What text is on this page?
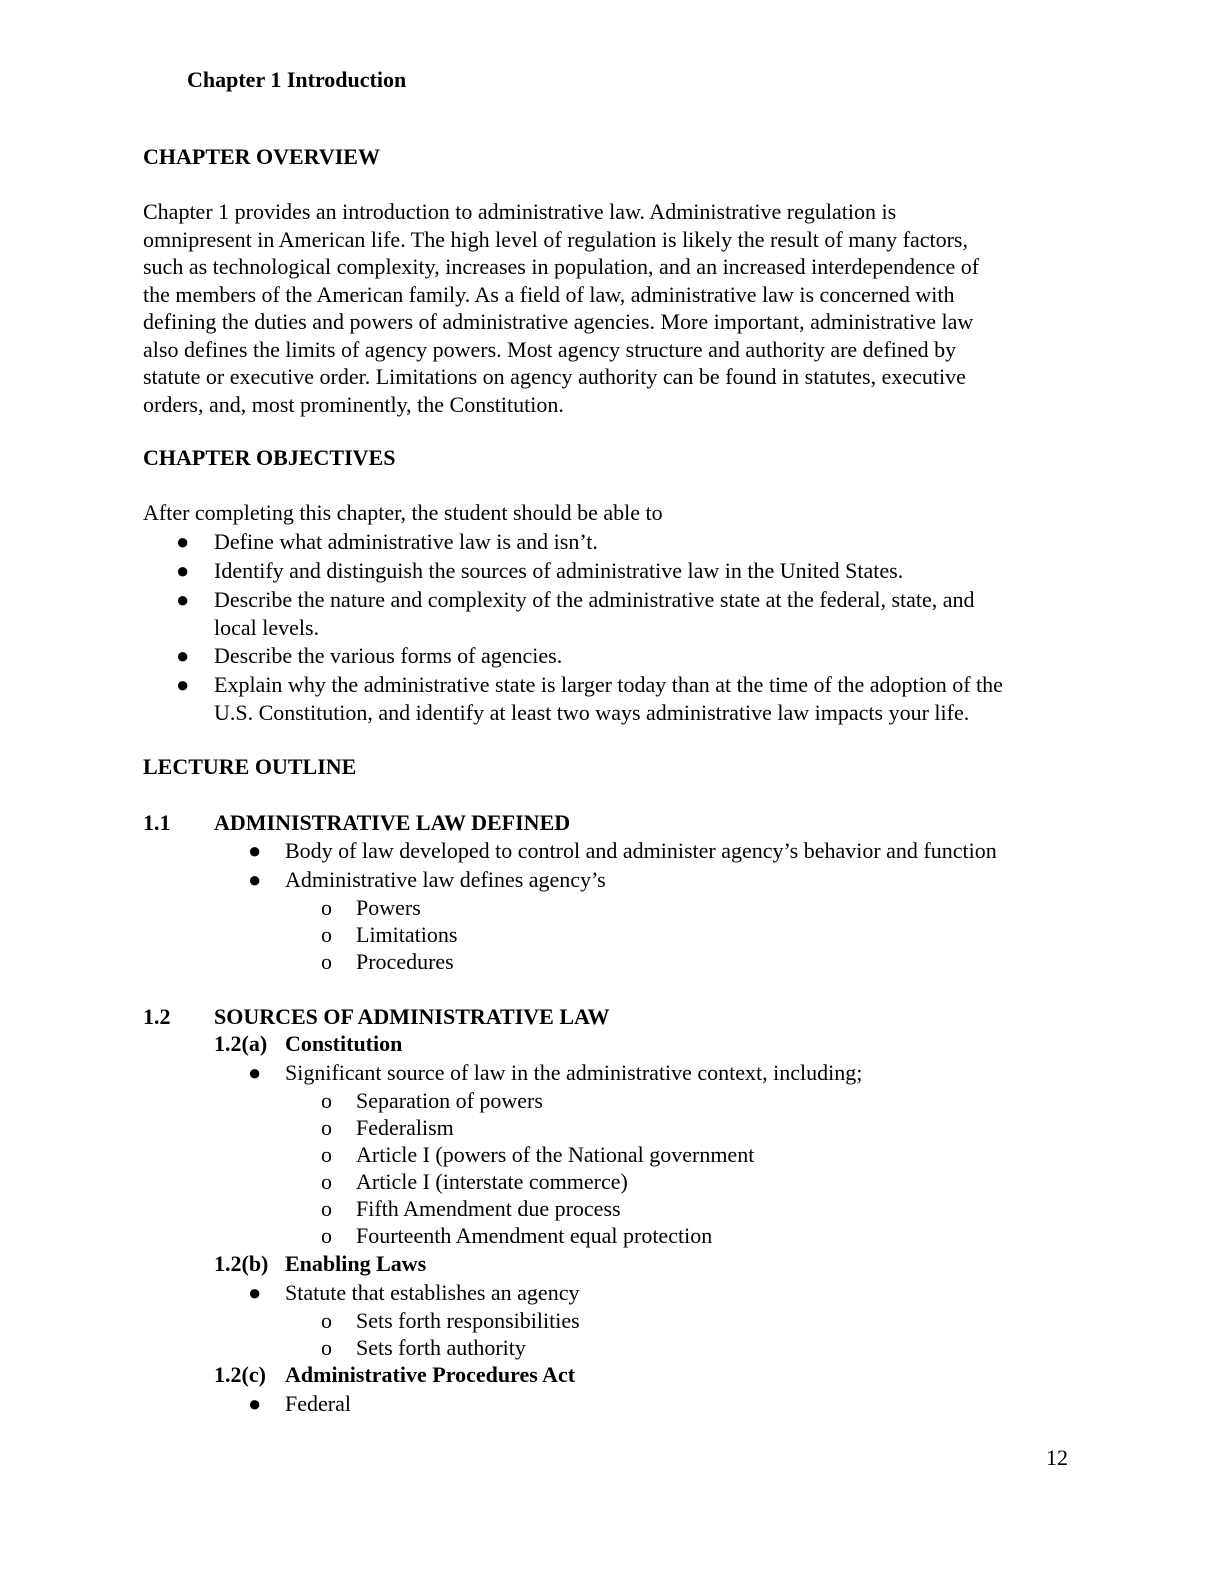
Chapter 1 Introduction
CHAPTER OVERVIEW
Chapter 1 provides an introduction to administrative law. Administrative regulation is
omnipresent in American life. The high level of regulation is likely the result of many factors,
such as technological complexity, increases in population, and an increased interdependence of
the members of the American family. As a field of law, administrative law is concerned with
defining the duties and powers of administrative agencies. More important, administrative law
also defines the limits of agency powers. Most agency structure and authority are defined by
statute or executive order. Limitations on agency authority can be found in statutes, executive
orders, and, most prominently, the Constitution.
CHAPTER OBJECTIVES
After completing this chapter, the student should be able to
● Define what administrative law is and isn’t.
● Identify and distinguish the sources of administrative law in the United States.
● Describe the nature and complexity of the administrative state at the federal, state, and
local levels.
● Describe the various forms of agencies.
● Explain why the administrative state is larger today than at the time of the adoption of the
U.S. Constitution, and identify at least two ways administrative law impacts your life.
LECTURE OUTLINE
1.1 ADMINISTRATIVE LAW DEFINED
● Body of law developed to control and administer agency’s behavior and function
● Administrative law defines agency’s
o Powers
o Limitations
o Procedures
1.2 SOURCES OF ADMINISTRATIVE LAW
1.2(a) Constitution
● Significant source of law in the administrative context, including;
o Separation of powers
o Federalism
o Article I (powers of the National government
o Article I (interstate commerce)
o Fifth Amendment due process
o Fourteenth Amendment equal protection
1.2(b) Enabling Laws
● Statute that establishes an agency
o Sets forth responsibilities
o Sets forth authority
1.2(c) Administrative Procedures Act
● Federal
12
